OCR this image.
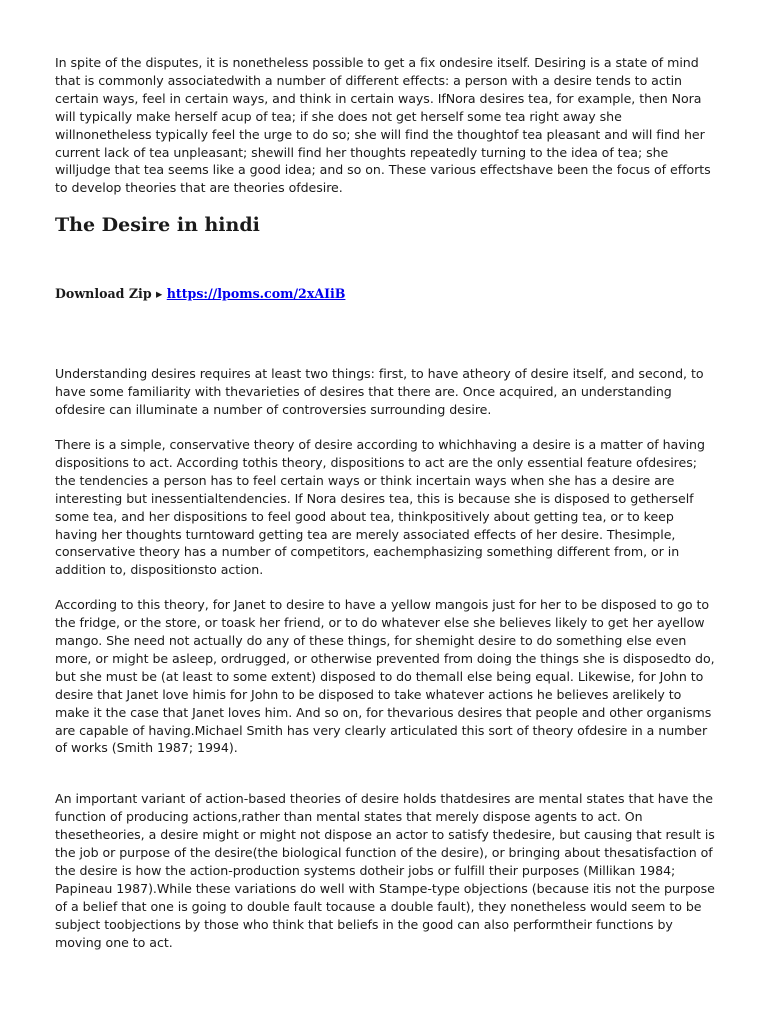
In spite of the disputes, it is nonetheless possible to get a fix ondesire itself. Desiring is a state of mind that is commonly associatedwith a number of different effects: a person with a desire tends to actin certain ways, feel in certain ways, and think in certain ways. IfNora desires tea, for example, then Nora will typically make herself acup of tea; if she does not get herself some tea right away she willnonetheless typically feel the urge to do so; she will find the thoughtof tea pleasant and will find her current lack of tea unpleasant; shewill find her thoughts repeatedly turning to the idea of tea; she willjudge that tea seems like a good idea; and so on. These various effectshave been the focus of efforts to develop theories that are theories ofdesire.

The Desire in hindi

Download Zip ▸ https://lpoms.com/2xAIiB

Understanding desires requires at least two things: first, to have atheory of desire itself, and second, to have some familiarity with thevarieties of desires that there are. Once acquired, an understanding ofdesire can illuminate a number of controversies surrounding desire.

There is a simple, conservative theory of desire according to whichhaving a desire is a matter of having dispositions to act. According tothis theory, dispositions to act are the only essential feature ofdesires; the tendencies a person has to feel certain ways or think incertain ways when she has a desire are interesting but inessentialtendencies. If Nora desires tea, this is because she is disposed to getherself some tea, and her dispositions to feel good about tea, thinkpositively about getting tea, or to keep having her thoughts turntoward getting tea are merely associated effects of her desire. Thesimple, conservative theory has a number of competitors, eachemphasizing something different from, or in addition to, dispositionsto action.

According to this theory, for Janet to desire to have a yellow mangois just for her to be disposed to go to the fridge, or the store, or toask her friend, or to do whatever else she believes likely to get her ayellow mango. She need not actually do any of these things, for shemight desire to do something else even more, or might be asleep, ordrugged, or otherwise prevented from doing the things she is disposedto do, but she must be (at least to some extent) disposed to do themall else being equal. Likewise, for John to desire that Janet love himis for John to be disposed to take whatever actions he believes arelikely to make it the case that Janet loves him. And so on, for thevarious desires that people and other organisms are capable of having.Michael Smith has very clearly articulated this sort of theory ofdesire in a number of works (Smith 1987; 1994).

An important variant of action-based theories of desire holds thatdesires are mental states that have the function of producing actions,rather than mental states that merely dispose agents to act. On thesetheories, a desire might or might not dispose an actor to satisfy thedesire, but causing that result is the job or purpose of the desire(the biological function of the desire), or bringing about thesatisfaction of the desire is how the action-production systems dotheir jobs or fulfill their purposes (Millikan 1984; Papineau 1987).While these variations do well with Stampe-type objections (because itis not the purpose of a belief that one is going to double fault tocause a double fault), they nonetheless would seem to be subject toobjections by those who think that beliefs in the good can also performtheir functions by moving one to act.
